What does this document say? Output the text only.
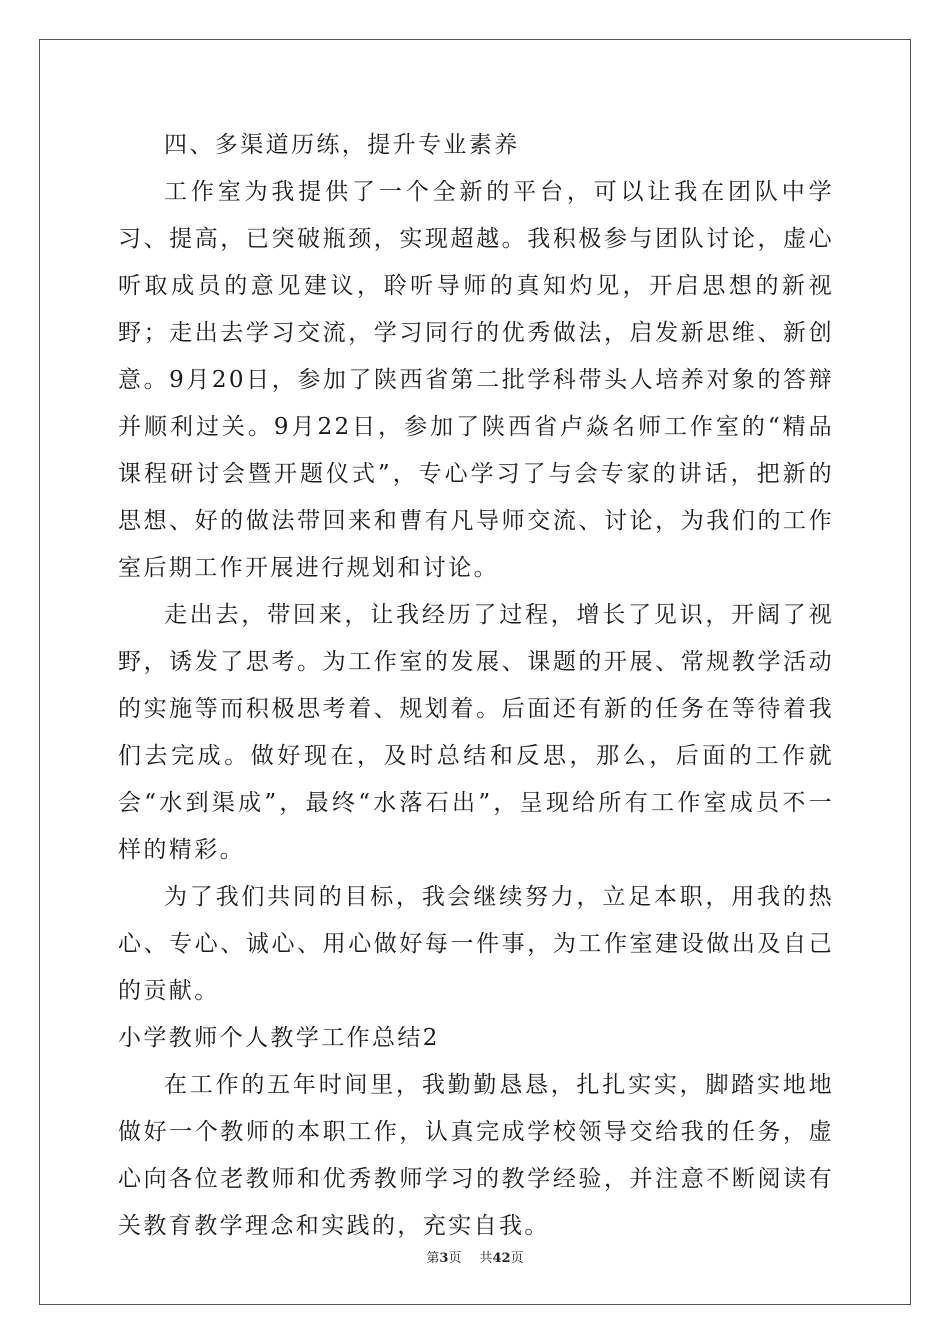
四、多渠道历练，提升专业素养

工作室为我提供了一个全新的平台，可以让我在团队中学习、提高，已突破瓶颈，实现超越。我积极参与团队讨论，虚心听取成员的意见建议，聆听导师的真知灼见，开启思想的新视野；走出去学习交流，学习同行的优秀做法，启发新思维、新创意。9月20日，参加了陕西省第二批学科带头人培养对象的答辩并顺利过关。9月22日，参加了陕西省卢焱名师工作室的“精品课程研讨会暨开题仪式”，专心学习了与会专家的讲话，把新的思想、好的做法带回来和曹有凡导师交流、讨论，为我们的工作室后期工作开展进行规划和讨论。

走出去，带回来，让我经历了过程，增长了见识，开阔了视野，诱发了思考。为工作室的发展、课题的开展、常规教学活动的实施等而积极思考着、规划着。后面还有新的任务在等待着我们去完成。做好现在，及时总结和反思，那么，后面的工作就会“水到渠成”，最终“水落石出”，呈现给所有工作室成员不一样的精彩。

为了我们共同的目标，我会继续努力，立足本职，用我的热心、专心、诚心、用心做好每一件事，为工作室建设做出及自己的贡献。

小学教师个人教学工作总结2

在工作的五年时间里，我勤勤恳恳，扎扎实实，脚踏实地地做好一个教师的本职工作，认真完成学校领导交给我的任务，虚心向各位老教师和优秀教师学习的教学经验，并注意不断阅读有关教育教学理念和实践的，充实自我。

第3页 共42页
